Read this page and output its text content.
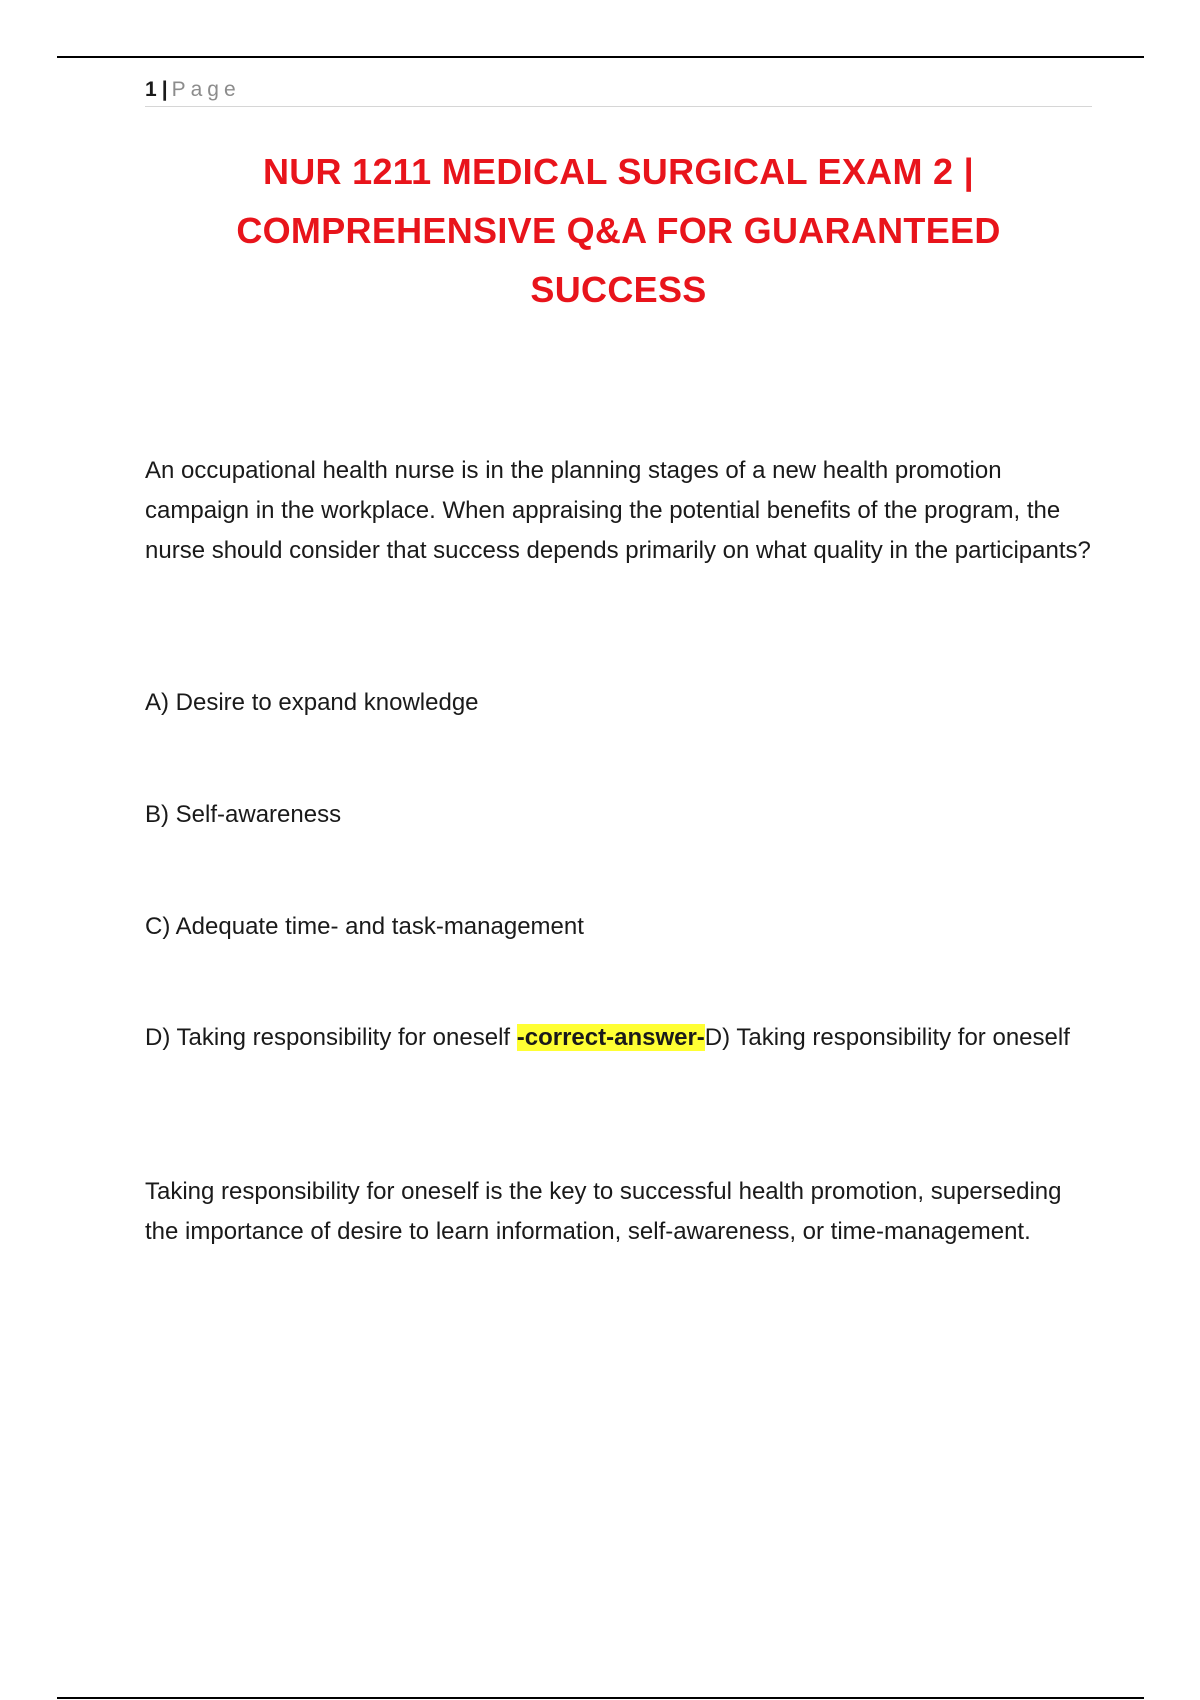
1 | Page
NUR 1211 MEDICAL SURGICAL EXAM 2 |
COMPREHENSIVE Q&A FOR GUARANTEED
SUCCESS
An occupational health nurse is in the planning stages of a new health promotion campaign in the workplace. When appraising the potential benefits of the program, the nurse should consider that success depends primarily on what quality in the participants?
A) Desire to expand knowledge
B) Self-awareness
C) Adequate time- and task-management
D) Taking responsibility for oneself -correct-answer-D) Taking responsibility for oneself
Taking responsibility for oneself is the key to successful health promotion, superseding the importance of desire to learn information, self-awareness, or time-management.
